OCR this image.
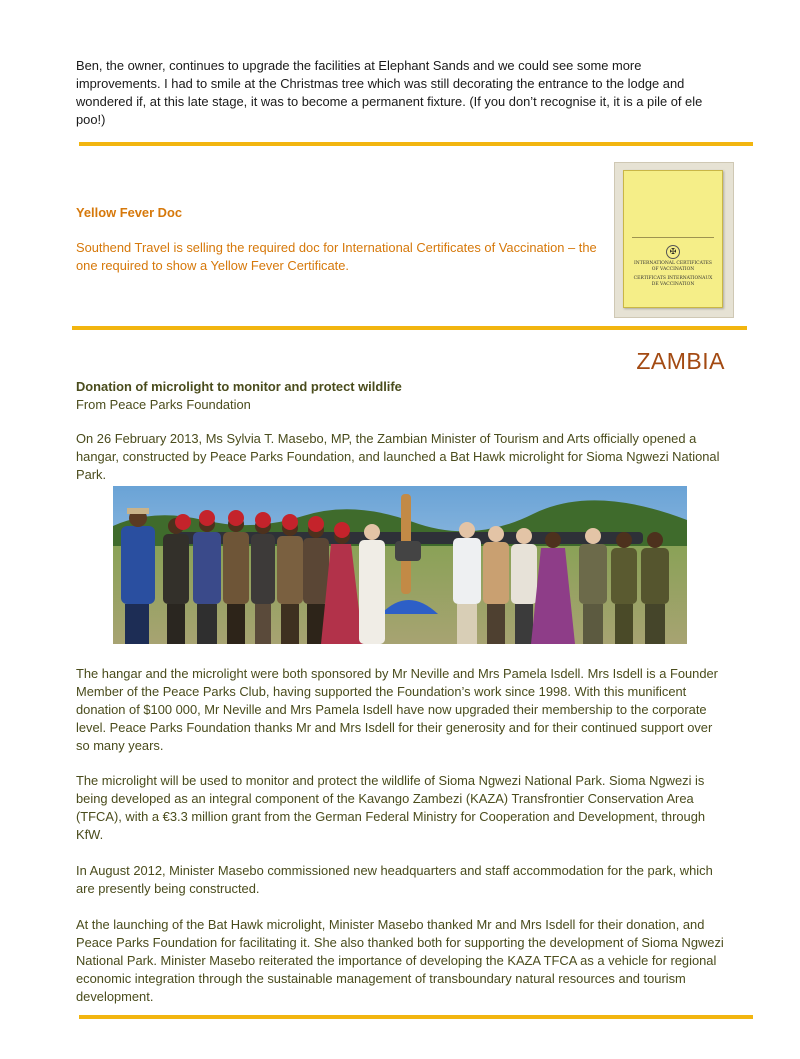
Ben, the owner, continues to upgrade the facilities at Elephant Sands and we could see some more improvements. I had to smile at the Christmas tree which was still decorating the entrance to the lodge and wondered if, at this late stage, it was to become a permanent fixture. (If you don’t recognise it, it is a pile of ele poo!)
Yellow Fever Doc
Southend Travel is selling the required doc for International Certificates of Vaccination – the one required to show a Yellow Fever Certificate.
✠
INTERNATIONAL CERTIFICATES OF VACCINATION
CERTIFICATS INTERNATIONAUX DE VACCINATION
ZAMBIA
Donation of microlight to monitor and protect wildlife
From Peace Parks Foundation
On 26 February 2013, Ms Sylvia T. Masebo, MP, the Zambian Minister of Tourism and Arts officially opened a hangar, constructed by Peace Parks Foundation, and launched a Bat Hawk microlight for Sioma Ngwezi National Park.
The hangar and the microlight were both sponsored by Mr Neville and Mrs Pamela Isdell. Mrs Isdell is a Founder Member of the Peace Parks Club, having supported the Foundation’s work since 1998. With this munificent donation of $100 000, Mr Neville and Mrs Pamela Isdell have now upgraded their membership to the corporate level. Peace Parks Foundation thanks Mr and Mrs Isdell for their generosity and for their continued support over so many years.
The microlight will be used to monitor and protect the wildlife of Sioma Ngwezi National Park. Sioma Ngwezi is being developed as an integral component of the Kavango Zambezi (KAZA) Transfrontier Conservation Area (TFCA), with a €3.3 million grant from the German Federal Ministry for Cooperation and Development, through KfW.
In August 2012, Minister Masebo commissioned new headquarters and staff accommodation for the park, which are presently being constructed.
At the launching of the Bat Hawk microlight, Minister Masebo thanked Mr and Mrs Isdell for their donation, and Peace Parks Foundation for facilitating it. She also thanked both for supporting the development of Sioma Ngwezi National Park. Minister Masebo reiterated the importance of developing the KAZA TFCA as a vehicle for regional economic integration through the sustainable management of transboundary natural resources and tourism development.
